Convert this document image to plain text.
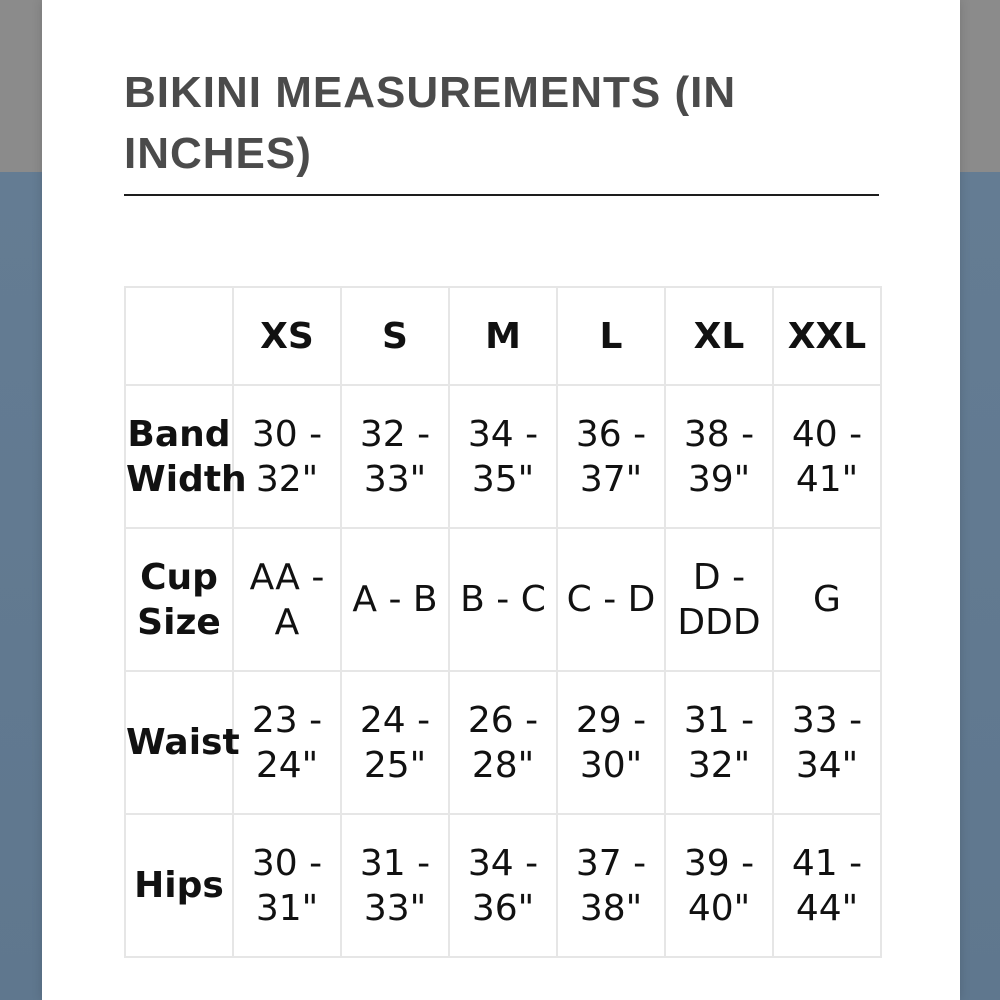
BIKINI MEASUREMENTS (IN INCHES)
	XS	S	M	L	XL	XXL
Band Width	30 - 32"	32 - 33"	34 - 35"	36 - 37"	38 - 39"	40 - 41"
Cup Size	AA - A	A - B	B - C	C - D	D - DDD	G
Waist	23 - 24"	24 - 25"	26 - 28"	29 - 30"	31 - 32"	33 - 34"
Hips	30 - 31"	31 - 33"	34 - 36"	37 - 38"	39 - 40"	41 - 44"
